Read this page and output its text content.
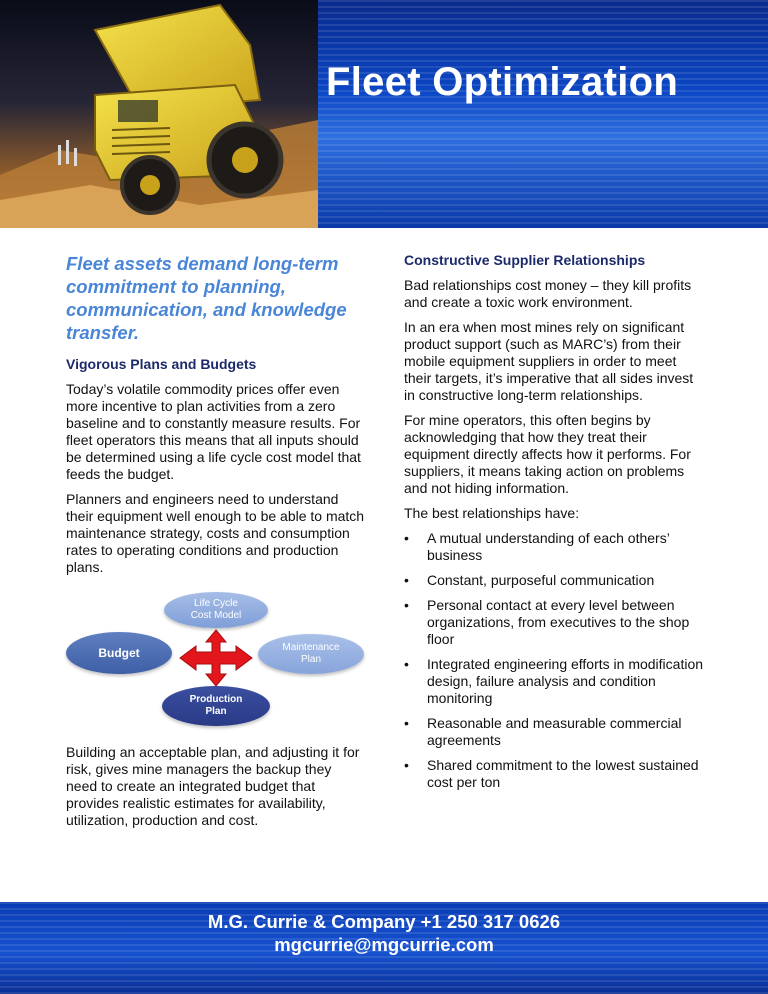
Fleet Optimization

Fleet assets demand long-term commitment to planning, communication, and knowledge transfer.

Vigorous Plans and Budgets

Today’s volatile commodity prices offer even more incentive to plan activities from a zero baseline and to constantly measure results. For fleet operators this means that all inputs should be determined using a life cycle cost model that feeds the budget.

Planners and engineers need to understand their equipment well enough to be able to match maintenance strategy, costs and consumption rates to operating conditions and production plans.

Life Cycle
Cost Model
Budget	Maintenance
Plan
Production
Plan

Building an acceptable plan, and adjusting it for risk, gives mine managers the backup they need to create an integrated budget that provides realistic estimates for availability, utilization, production and cost.

Constructive Supplier Relationships

Bad relationships cost money – they kill profits and create a toxic work environment.

In an era when most mines rely on significant product support (such as MARC’s) from their mobile equipment suppliers in order to meet their targets, it’s imperative that all sides invest in constructive long-term relationships.

For mine operators, this often begins by acknowledging that how they treat their equipment directly affects how it performs. For suppliers, it means taking action on problems and not hiding information.

The best relationships have:

• A mutual understanding of each others’ business
• Constant, purposeful communication
• Personal contact at every level between organizations, from executives to the shop floor
• Integrated engineering efforts in modification design, failure analysis and condition monitoring
• Reasonable and measurable commercial agreements
• Shared commitment to the lowest sustained cost per ton
M.G. Currie & Company +1 250 317 0626
mgcurrie@mgcurrie.com
